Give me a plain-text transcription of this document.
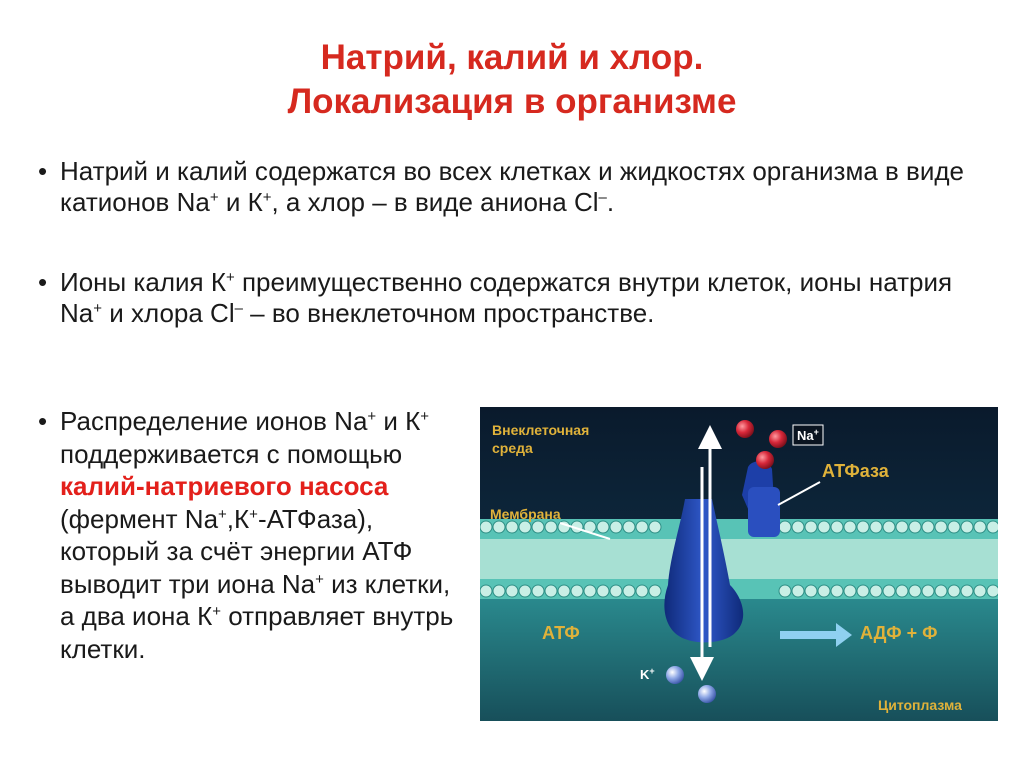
Натрий, калий и хлор.
Локализация в организме
• Натрий и калий содержатся во всех клетках и жидкостях организма в виде катионов Na+ и К+, а хлор – в виде аниона Cl–.
• Ионы калия К+ преимущественно содержатся внутри клеток, ионы натрия Na+ и хлора Cl– – во внеклеточном пространстве.
• Распределение ионов Na+ и К+ поддерживается с помощью калий-натриевого насоса (фермент Na+,К+-АТФаза), который за счёт энергии АТФ выводит три иона Na+ из клетки, а два иона К+ отправляет внутрь клетки.
Внеклеточная
среда
Na+
АТФаза
Мембрана
АТФ	АДФ + Ф
K+
Цитоплазма
